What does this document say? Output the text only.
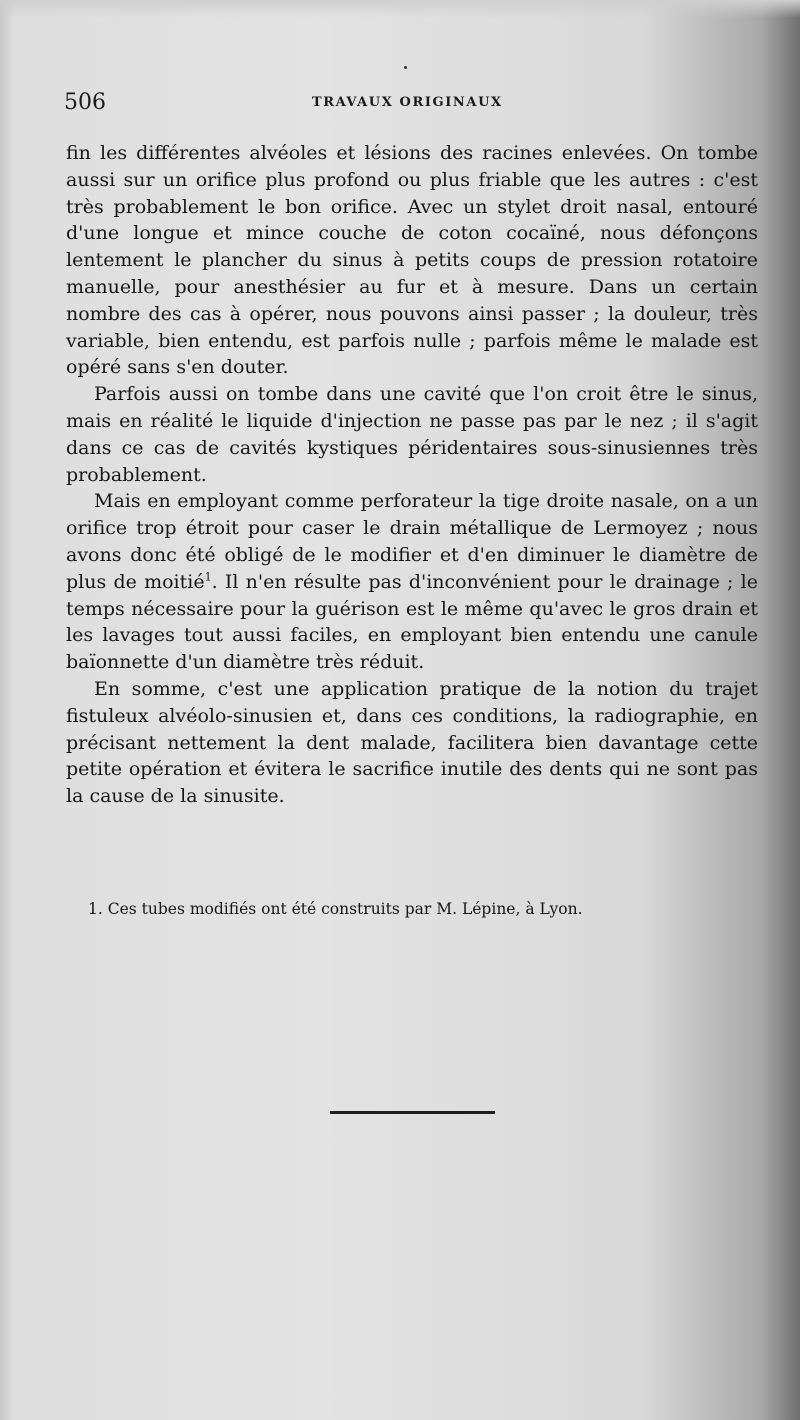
506	TRAVAUX ORIGINAUX

fin les différentes alvéoles et lésions des racines enlevées. On tombe aussi sur un orifice plus profond ou plus friable que les autres : c'est très probablement le bon orifice. Avec un stylet droit nasal, entouré d'une longue et mince couche de coton cocaïné, nous défonçons lentement le plancher du sinus à petits coups de pression rotatoire manuelle, pour anesthésier au fur et à mesure. Dans un certain nombre des cas à opérer, nous pouvons ainsi passer ; la douleur, très variable, bien entendu, est parfois nulle ; parfois même le malade est opéré sans s'en douter.

Parfois aussi on tombe dans une cavité que l'on croit être le sinus, mais en réalité le liquide d'injection ne passe pas par le nez ; il s'agit dans ce cas de cavités kystiques péridentaires sous-sinusiennes très probablement.

Mais en employant comme perforateur la tige droite nasale, on a un orifice trop étroit pour caser le drain métallique de Lermoyez ; nous avons donc été obligé de le modifier et d'en diminuer le diamètre de plus de moitié$^1$. Il n'en résulte pas d'inconvénient pour le drainage ; le temps nécessaire pour la guérison est le même qu'avec le gros drain et les lavages tout aussi faciles, en employant bien entendu une canule baïonnette d'un diamètre très réduit.

En somme, c'est une application pratique de la notion du trajet fistuleux alvéolo-sinusien et, dans ces conditions, la radiographie, en précisant nettement la dent malade, facilitera bien davantage cette petite opération et évitera le sacrifice inutile des dents qui ne sont pas la cause de la sinusite.

1. Ces tubes modifiés ont été construits par M. Lépine, à Lyon.
